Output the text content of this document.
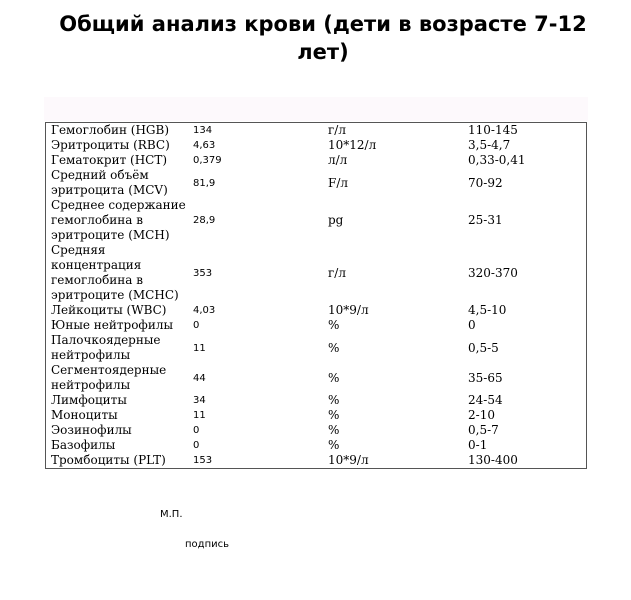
Общий анализ крови (дети в возрасте 7-12 лет)
Гемоглобин (HGB)	134	г/л	110-145
Эритроциты (RBC)	4,63	10*12/л	3,5-4,7
Гематокрит (HCT)	0,379	л/л	0,33-0,41
Средний объём эритроцита (MCV)	81,9	F/л	70-92
Среднее содержание гемоглобина в эритроците (MCH)	28,9	pg	25-31
Средняя концентрация гемоглобина в эритроците (MCHC)	353	г/л	320-370
Лейкоциты (WBC)	4,03	10*9/л	4,5-10
Юные нейтрофилы	0	%	0
Палочкоядерные нейтрофилы	11	%	0,5-5
Сегментоядерные нейтрофилы	44	%	35-65
Лимфоциты	34	%	24-54
Моноциты	11	%	2-10
Эозинофилы	0	%	0,5-7
Базофилы	0	%	0-1
Тромбоциты (PLT)	153	10*9/л	130-400
М.П.
подпись
